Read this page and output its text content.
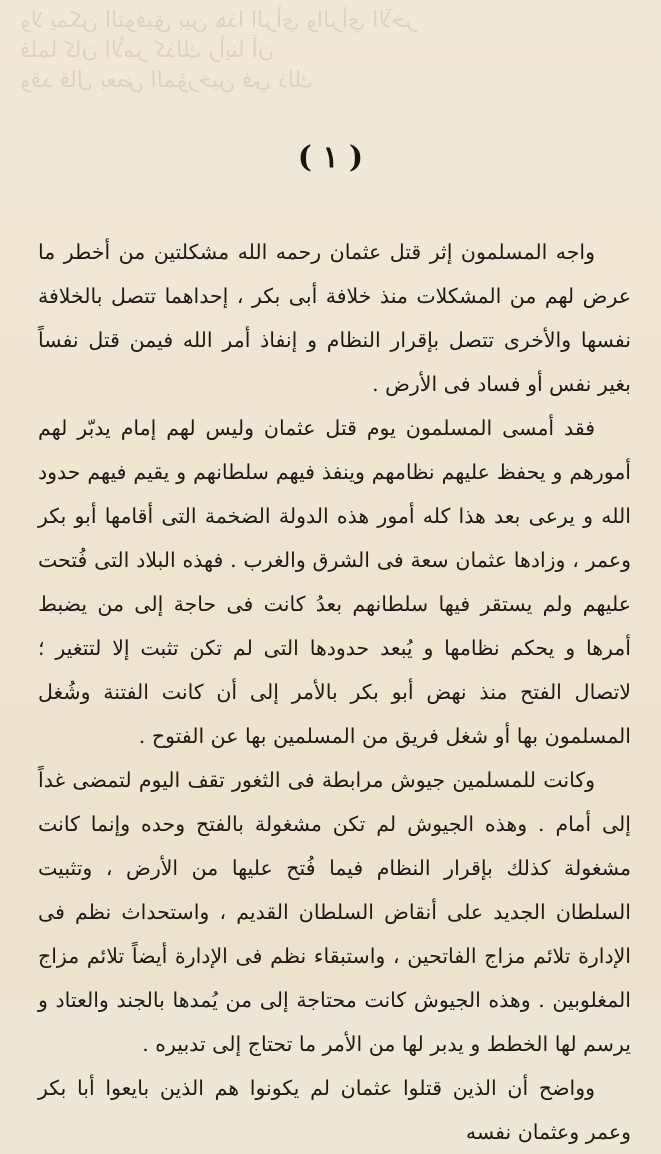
ولا يمكن التوفيق بين هذا الرأي والرأي الآخر
فلما كان الأمر كذلك رأينا أن
وقد قال بعض المؤرخين في ذلك
( ١ )

واجه المسلمون إثر قتل عثمان رحمه الله مشكلتين من أخطر ما عرض لهم من المشكلات منذ خلافة أبى بكر ، إحداهما تتصل بالخلافة نفسها والأخرى تتصل بإقرار النظام و إنفاذ أمر الله فيمن قتل نفساً بغير نفس أو فساد فى الأرض .

فقد أمسى المسلمون يوم قتل عثمان وليس لهم إمام يدبّر لهم أمورهم و يحفظ عليهم نظامهم وينفذ فيهم سلطانهم و يقيم فيهم حدود الله و يرعى بعد هذا كله أمور هذه الدولة الضخمة التى أقامها أبو بكر وعمر ، وزادها عثمان سعة فى الشرق والغرب . فهذه البلاد التى فُتحت عليهم ولم يستقر فيها سلطانهم بعدُ كانت فى حاجة إلى من يضبط أمرها و يحكم نظامها و يُبعد حدودها التى لم تكن تثبت إلا لتتغير ؛ لاتصال الفتح منذ نهض أبو بكر بالأمر إلى أن كانت الفتنة وشُغل المسلمون بها أو شغل فريق من المسلمين بها عن الفتوح .

وكانت للمسلمين جيوش مرابطة فى الثغور تقف اليوم لتمضى غداً إلى أمام . وهذه الجيوش لم تكن مشغولة بالفتح وحده وإنما كانت مشغولة كذلك بإقرار النظام فيما فُتح عليها من الأرض ، وتثبيت السلطان الجديد على أنقاض السلطان القديم ، واستحداث نظم فى الإدارة تلائم مزاج الفاتحين ، واستبقاء نظم فى الإدارة أيضاً تلائم مزاج المغلوبين . وهذه الجيوش كانت محتاجة إلى من يُمدها بالجند والعتاد و يرسم لها الخطط و يدبر لها من الأمر ما تحتاج إلى تدبيره .

وواضح أن الذين قتلوا عثمان لم يكونوا هم الذين بايعوا أبا بكر وعمر وعثمان نفسه
